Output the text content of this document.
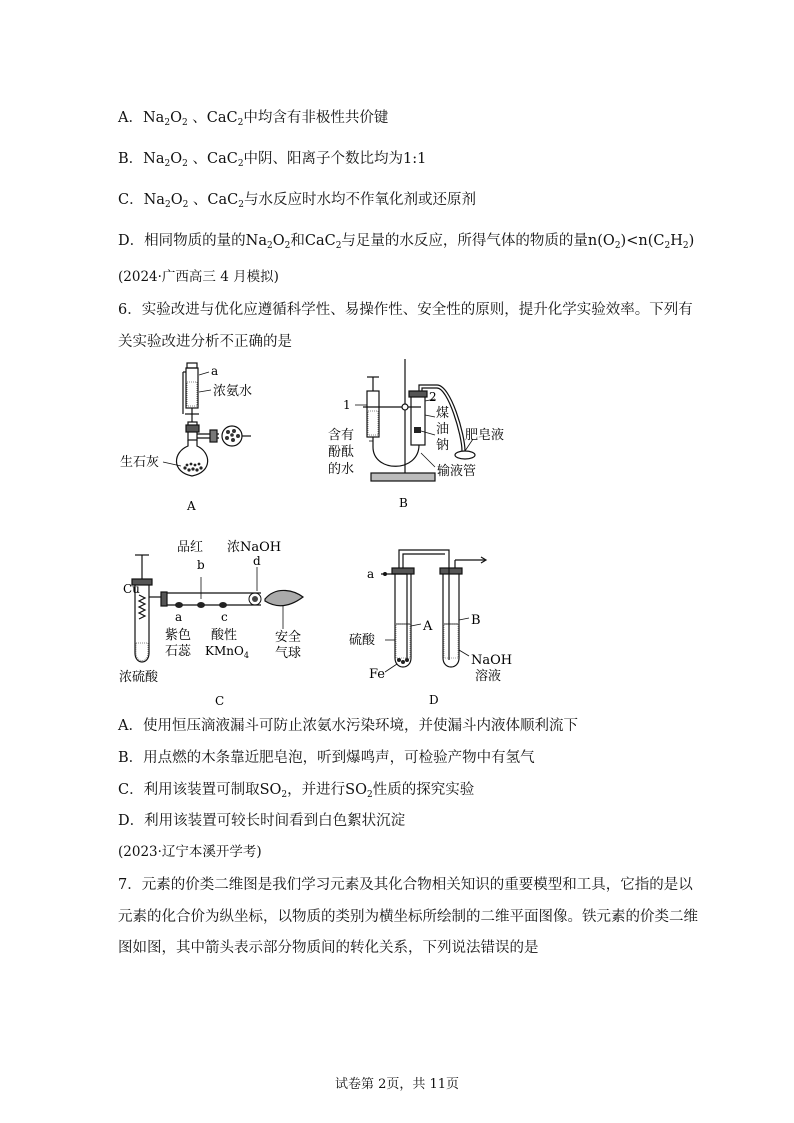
A．$Na_2O_2$ 、CaC$_2$中均含有非极性共价键
B．$Na_2O_2$ 、CaC$_2$中阴、阳离子个数比均为1:1
C．$Na_2O_2$ 、CaC$_2$与水反应时水均不作氧化剂或还原剂
D．相同物质的量的$Na_2O_2$和CaC$_2$与足量的水反应，所得气体的物质的量$n(O_2)<n(C_2H_2)$
(2024·广西高三 4 月模拟)
6．实验改进与优化应遵循科学性、易操作性、安全性的原则，提升化学实验效率。下列有
关实验改进分析不正确的是
a
浓氨水
生石灰
A
1
2
含有
酚酞
的水
煤
油
钠
肥皂液
输液管
B
品红
b
浓NaOH
d
Cu
a
紫色
石蕊
c
酸性
KMnO$_4$
安全
气球
浓硫酸
C
a
A	B
硫酸
Fe
NaOH
溶液
D
A．使用恒压滴液漏斗可防止浓氨水污染环境，并使漏斗内液体顺利流下
B．用点燃的木条靠近肥皂泡，听到爆鸣声，可检验产物中有氢气
C．利用该装置可制取$SO_2$，并进行$SO_2$性质的探究实验
D．利用该装置可较长时间看到白色絮状沉淀
(2023·辽宁本溪开学考)
7．元素的价类二维图是我们学习元素及其化合物相关知识的重要模型和工具，它指的是以
元素的化合价为纵坐标，以物质的类别为横坐标所绘制的二维平面图像。铁元素的价类二维
图如图，其中箭头表示部分物质间的转化关系，下列说法错误的是
试卷第 2页，共 11页
